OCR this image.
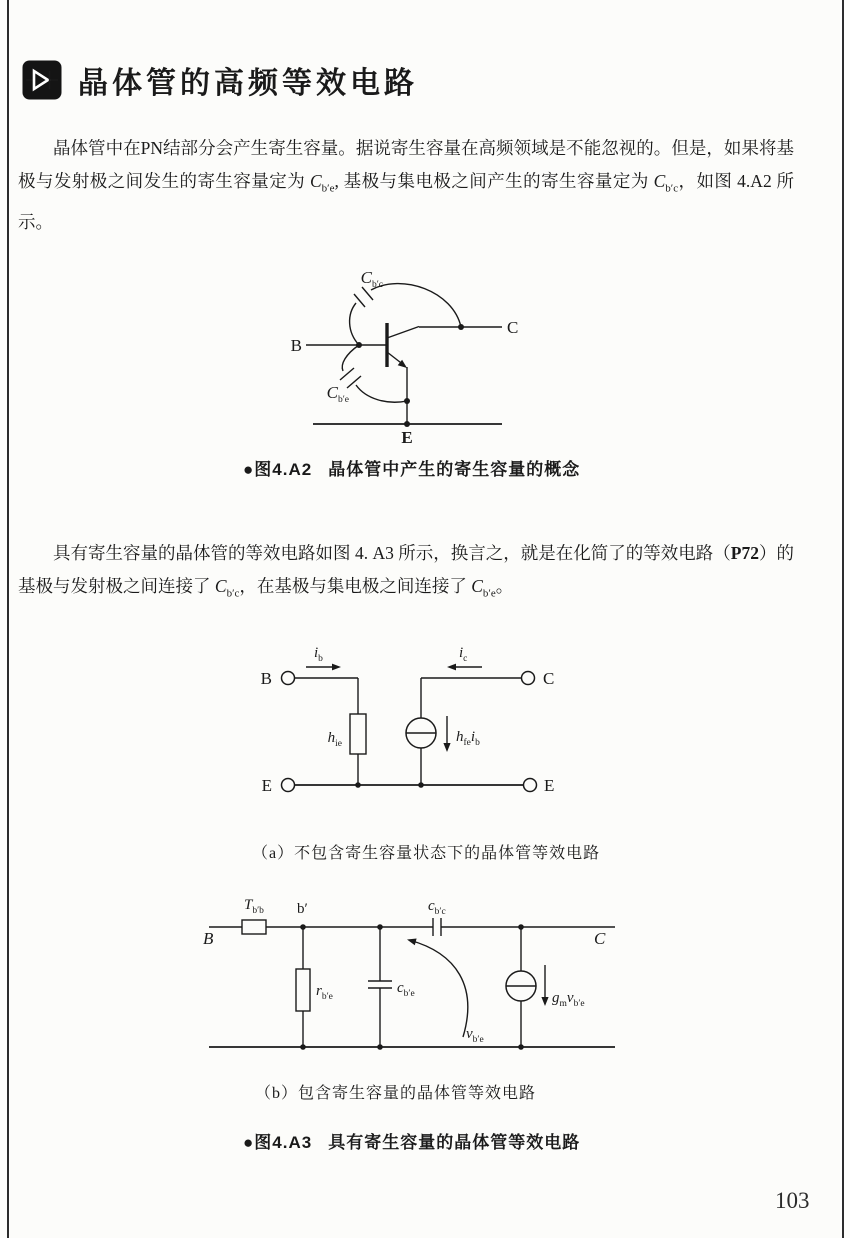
晶体管的高频等效电路
晶体管中在PN结部分会产生寄生容量。据说寄生容量在高频领域是不能忽视的。但是，如果将基极与发射极之间发生的寄生容量定为 $C_{b'e}$, 基极与集电极之间产生的寄生容量定为 $C_{b'c}$，如图 4.A2 所示。
B
C
E
$C_{b'c}$
$C_{b'e}$
●图4.A2 晶体管中产生的寄生容量的概念
具有寄生容量的晶体管的等效电路如图 4. A3 所示，换言之，就是在化简了的等效电路（P72）的基极与发射极之间连接了 $C_{b'c}$，在基极与集电极之间连接了 $C_{b'e}$。
B	C
E	E
$i_b$	$i_c$
$h_{ie}$	$h_{fe}i_b$
（a）不包含寄生容量状态下的晶体管等效电路
B	C
b′
$T_{b'b}$
$r_{b'e}$
$c_{b'e}$
$c_{b'c}$
$v_{b'e}$
$g_mv_{b'e}$
（b）包含寄生容量的晶体管等效电路
●图4.A3 具有寄生容量的晶体管等效电路
103
